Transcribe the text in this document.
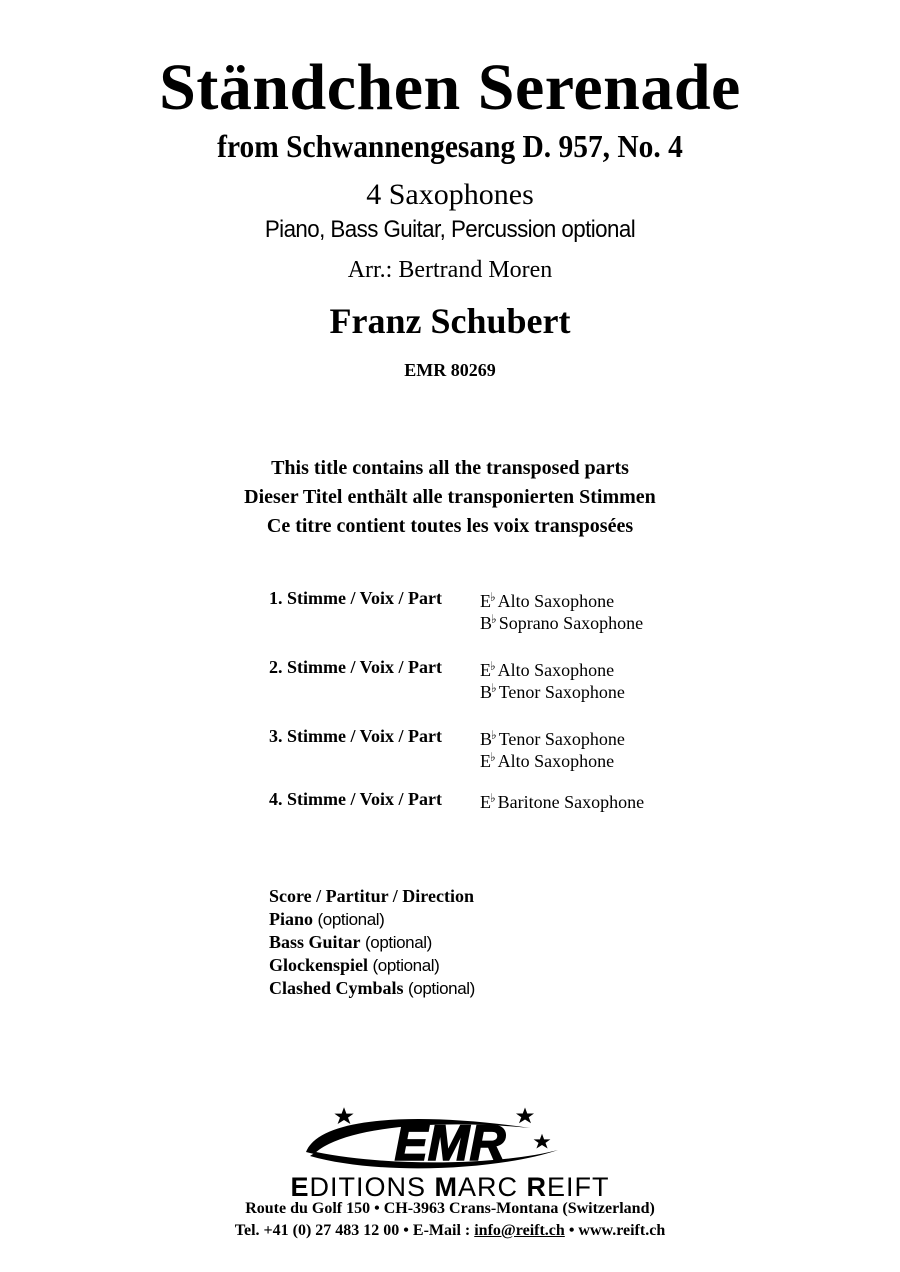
Ständchen Serenade
from Schwannengesang D. 957, No. 4
4 Saxophones
Piano, Bass Guitar, Percussion optional
Arr.: Bertrand Moren
Franz Schubert
EMR 80269
This title contains all the transposed parts
Dieser Titel enthält alle transponierten Stimmen
Ce titre contient toutes les voix transposées
1. Stimme / Voix / Part E♭ Alto Saxophone
B♭ Soprano Saxophone
2. Stimme / Voix / Part E♭ Alto Saxophone
B♭ Tenor Saxophone
3. Stimme / Voix / Part B♭ Tenor Saxophone
E♭ Alto Saxophone
4. Stimme / Voix / Part E♭ Baritone Saxophone
Score / Partitur / Direction
Piano (optional)
Bass Guitar (optional)
Glockenspiel (optional)
Clashed Cymbals (optional)
EMR
EDITIONS MARC REIFT
Route du Golf 150 • CH-3963 Crans-Montana (Switzerland)
Tel. +41 (0) 27 483 12 00 • E-Mail : info@reift.ch • www.reift.ch
